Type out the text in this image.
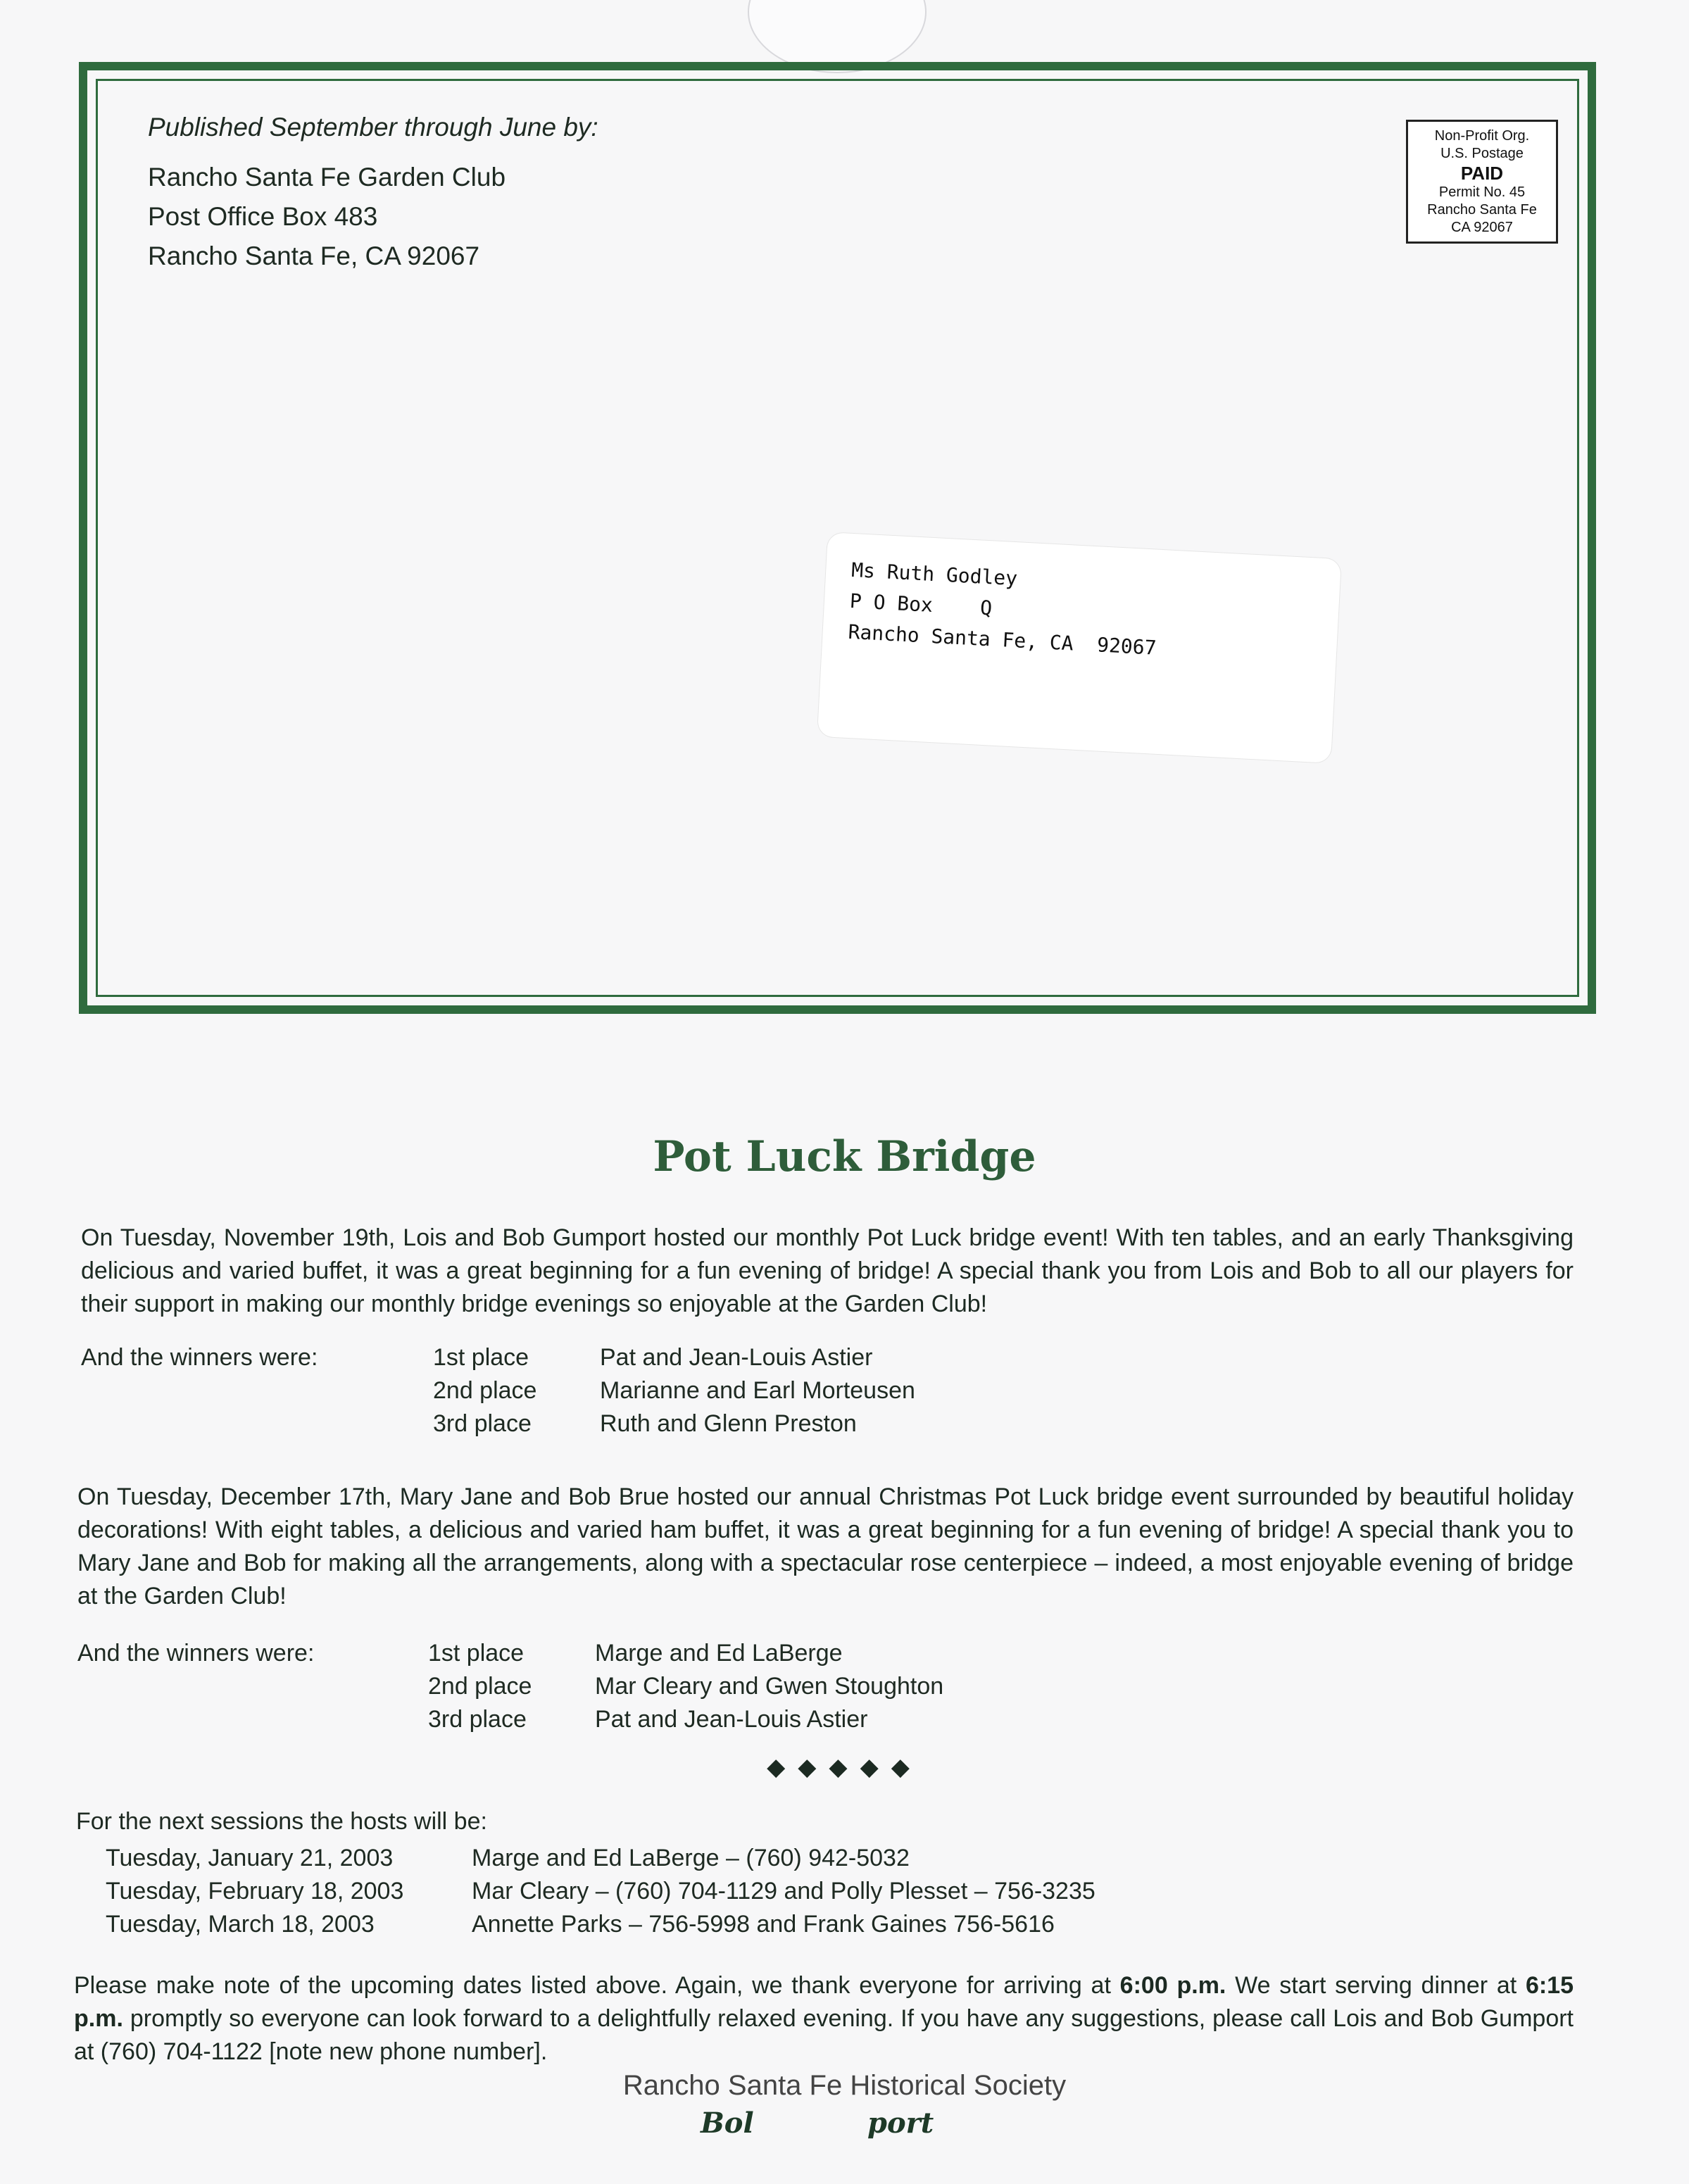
Published September through June by:
Rancho Santa Fe Garden Club
Post Office Box 483
Rancho Santa Fe, CA 92067
Non-Profit Org.
U.S. Postage
PAID
Permit No. 45
Rancho Santa Fe
CA 92067
Ms Ruth Godley
P O Box    Q
Rancho Santa Fe, CA  92067
Pot Luck Bridge
On Tuesday, November 19th, Lois and Bob Gumport hosted our monthly Pot Luck bridge event! With ten tables, and an early Thanksgiving delicious and varied buffet, it was a great beginning for a fun evening of bridge! A special thank you from Lois and Bob to all our players for their support in making our monthly bridge evenings so enjoyable at the Garden Club!
And the winners were:	1st place	Pat and Jean-Louis Astier
2nd place	Marianne and Earl Morteusen
3rd place	Ruth and Glenn Preston
On Tuesday, December 17th, Mary Jane and Bob Brue hosted our annual Christmas Pot Luck bridge event surrounded by beautiful holiday decorations! With eight tables, a delicious and varied ham buffet, it was a great beginning for a fun evening of bridge! A special thank you to Mary Jane and Bob for making all the arrangements, along with a spectacular rose centerpiece – indeed, a most enjoyable evening of bridge at the Garden Club!
And the winners were:	1st place	Marge and Ed LaBerge
2nd place	Mar Cleary and Gwen Stoughton
3rd place	Pat and Jean-Louis Astier
◆◆◆◆◆
For the next sessions the hosts will be:
Tuesday, January 21, 2003	Marge and Ed LaBerge – (760) 942-5032
Tuesday, February 18, 2003	Mar Cleary – (760) 704-1129 and Polly Plesset – 756-3235
Tuesday, March 18, 2003	Annette Parks – 756-5998 and Frank Gaines 756-5616
Please make note of the upcoming dates listed above. Again, we thank everyone for arriving at 6:00 p.m. We start serving dinner at 6:15 p.m. promptly so everyone can look forward to a delightfully relaxed evening. If you have any suggestions, please call Lois and Bob Gumport at (760) 704-1122 [note new phone number].
Rancho Santa Fe Historical Society
Bol	port
